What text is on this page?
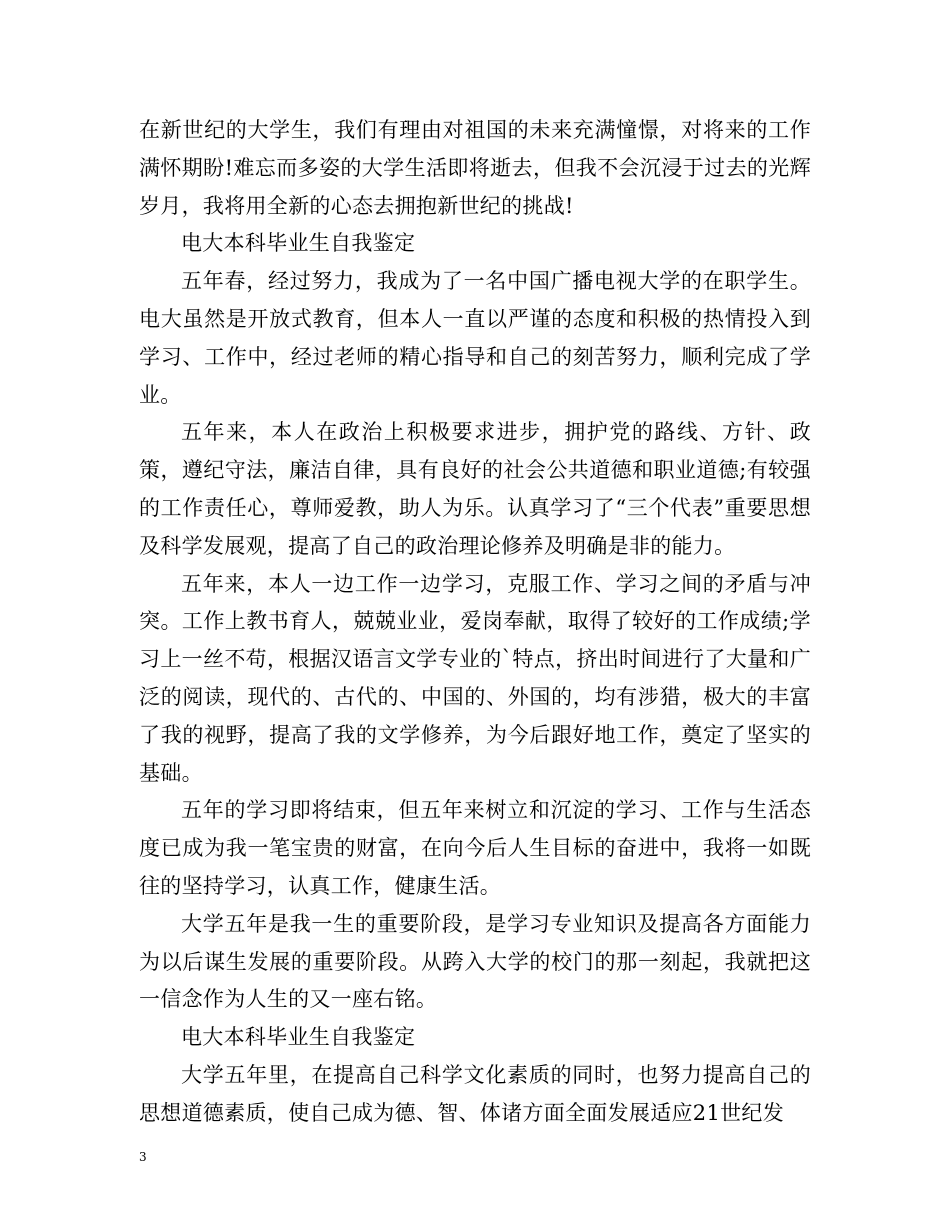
在新世纪的大学生，我们有理由对祖国的未来充满憧憬，对将来的工作满怀期盼!难忘而多姿的大学生活即将逝去，但我不会沉浸于过去的光辉岁月，我将用全新的心态去拥抱新世纪的挑战!

电大本科毕业生自我鉴定

五年春，经过努力，我成为了一名中国广播电视大学的在职学生。电大虽然是开放式教育，但本人一直以严谨的态度和积极的热情投入到学习、工作中，经过老师的精心指导和自己的刻苦努力，顺利完成了学业。

五年来，本人在政治上积极要求进步，拥护党的路线、方针、政策，遵纪守法，廉洁自律，具有良好的社会公共道德和职业道德;有较强的工作责任心，尊师爱教，助人为乐。认真学习了“三个代表”重要思想及科学发展观，提高了自己的政治理论修养及明确是非的能力。

五年来，本人一边工作一边学习，克服工作、学习之间的矛盾与冲突。工作上教书育人，兢兢业业，爱岗奉献，取得了较好的工作成绩;学习上一丝不苟，根据汉语言文学专业的`特点，挤出时间进行了大量和广泛的阅读，现代的、古代的、中国的、外国的，均有涉猎，极大的丰富了我的视野，提高了我的文学修养，为今后跟好地工作，奠定了坚实的基础。

五年的学习即将结束，但五年来树立和沉淀的学习、工作与生活态度已成为我一笔宝贵的财富，在向今后人生目标的奋进中，我将一如既往的坚持学习，认真工作，健康生活。

大学五年是我一生的重要阶段，是学习专业知识及提高各方面能力为以后谋生发展的重要阶段。从跨入大学的校门的那一刻起，我就把这一信念作为人生的又一座右铭。

电大本科毕业生自我鉴定

大学五年里，在提高自己科学文化素质的同时，也努力提高自己的思想道德素质，使自己成为德、智、体诸方面全面发展适应21世纪发

3
